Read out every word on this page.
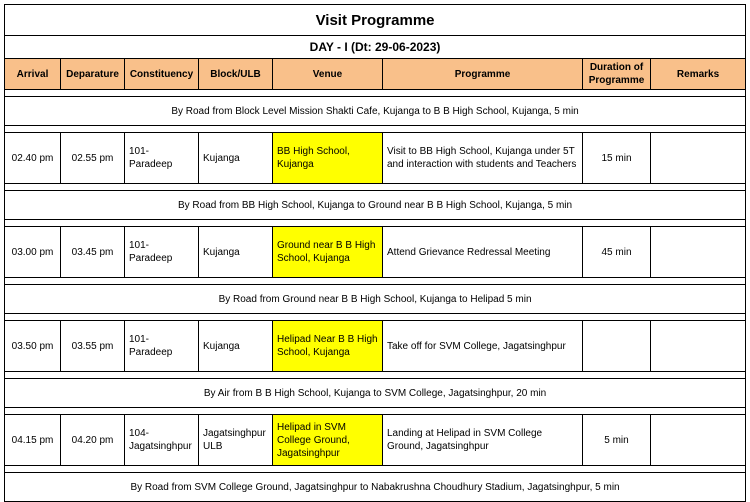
Visit Programme							
DAY - I (Dt: 29-06-2023)							
Arrival	Deparature	Constituency	Block/ULB	Venue	Programme	Duration of Programme	Remarks

By Road from Block Level Mission Shakti Cafe, Kujanga to B B High School, Kujanga, 5 min							

02.40 pm	02.55 pm	101- Paradeep	Kujanga	BB High School, Kujanga	Visit to BB High School, Kujanga under 5T and interaction with students and Teachers	15 min	

By Road from BB High School, Kujanga to Ground near B B High School, Kujanga, 5 min							

03.00 pm	03.45 pm	101- Paradeep	Kujanga	Ground near B B High School, Kujanga	Attend Grievance Redressal Meeting	45 min	

By Road from Ground near B B High School, Kujanga to Helipad 5 min							

03.50 pm	03.55 pm	101- Paradeep	Kujanga	Helipad Near B B High School, Kujanga	Take off for SVM College, Jagatsinghpur		

By Air from B B High School, Kujanga to SVM College, Jagatsinghpur, 20 min							

04.15 pm	04.20 pm	104-Jagatsinghpur	Jagatsinghpur ULB	Helipad in SVM College Ground, Jagatsinghpur	Landing at Helipad in SVM College Ground, Jagatsinghpur	5 min	

By Road from SVM College Ground, Jagatsinghpur to Nabakrushna Choudhury Stadium, Jagatsinghpur, 5 min							
